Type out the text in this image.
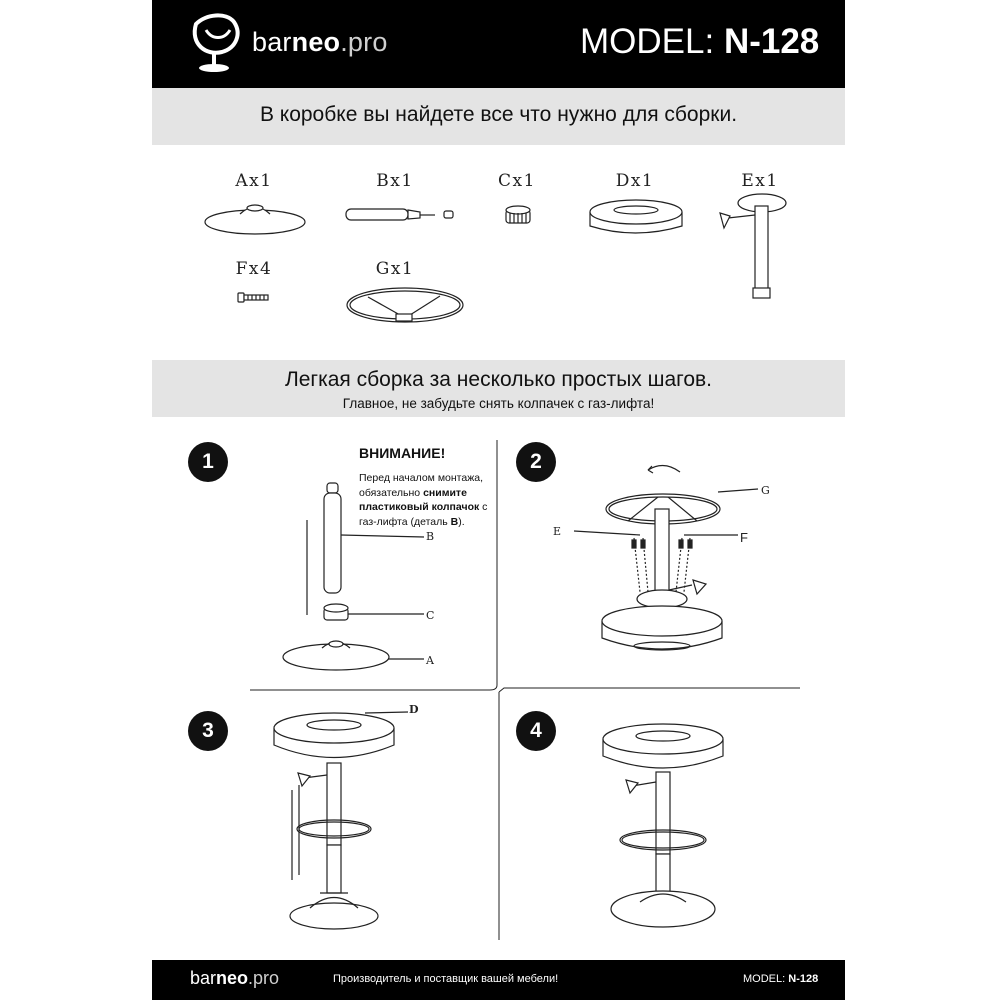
barneo.pro	MODEL: N-128
В коробке вы найдете все что нужно для сборки.
Ax1	Bx1	Cx1	Dx1	Ex1
Fx4	Gx1
Легкая сборка за несколько простых шагов.
Главное, не забудьте снять колпачек с газ-лифта!
1	2
3	4
ВНИМАНИЕ!
Перед началом монтажа, обязательно снимите пластиковый колпачок с газ-лифта (деталь B).
B
C
A
G
E	F
D
barneo.pro	Производитель и поставщик вашей мебели!	MODEL: N-128
